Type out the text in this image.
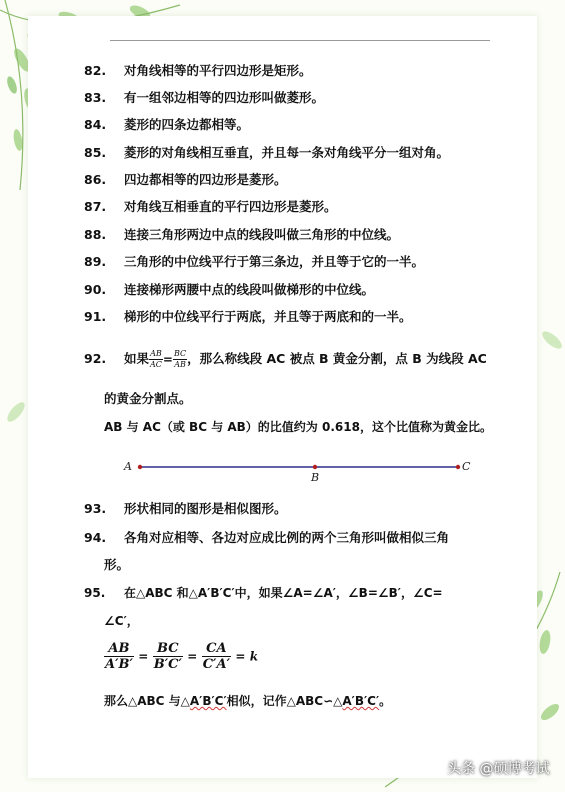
82. 对角线相等的平行四边形是矩形。
83. 有一组邻边相等的四边形叫做菱形。
84. 菱形的四条边都相等。
85. 菱形的对角线相互垂直，并且每一条对角线平分一组对角。
86. 四边都相等的四边形是菱形。
87. 对角线互相垂直的平行四边形是菱形。
88. 连接三角形两边中点的线段叫做三角形的中位线。
89. 三角形的中位线平行于第三条边，并且等于它的一半。
90. 连接梯形两腰中点的线段叫做梯形的中位线。
91. 梯形的中位线平行于两底，并且等于两底和的一半。
92. 如果 $\frac{AB}{AC} = \frac{BC}{AB}$ ，那么称线段 AC 被点 B 黄金分割，点 B 为线段 AC
的黄金分割点。
AB 与 AC（或 BC 与 AB）的比值约为 0.618，这个比值称为黄金比。
A
B
C
93. 形状相同的图形是相似图形。
94. 各角对应相等、各边对应成比例的两个三角形叫做相似三角
形。
95. 在△ABC 和△A′B′C′中，如果∠A=∠A′，∠B=∠B′，∠C=
∠C′，
$\frac{AB}{A'B'} = \frac{BC}{B'C'} = \frac{CA}{C'A'} = k$
那么△ABC 与△A′B′C′相似，记作△ABC∽△A′B′C′。
头条 @硕博考试
